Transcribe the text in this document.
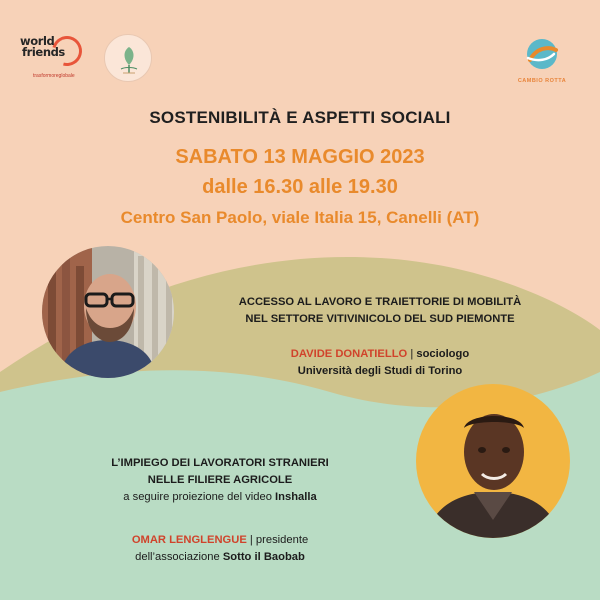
world
friends
trasformoreglobale
CAMBIO ROTTA
SOSTENIBILITÀ E ASPETTI SOCIALI
SABATO 13 MAGGIO 2023
dalle 16.30 alle 19.30
Centro San Paolo, viale Italia 15, Canelli (AT)
ACCESSO AL LAVORO E TRAIETTORIE DI MOBILITÀ
NEL SETTORE VITIVINICOLO DEL SUD PIEMONTE
DAVIDE DONATIELLO | sociologo
Università degli Studi di Torino
L’IMPIEGO DEI LAVORATORI STRANIERI
NELLE FILIERE AGRICOLE
a seguire proiezione del video Inshalla
OMAR LENGLENGUE | presidente
dell’associazione Sotto il Baobab
